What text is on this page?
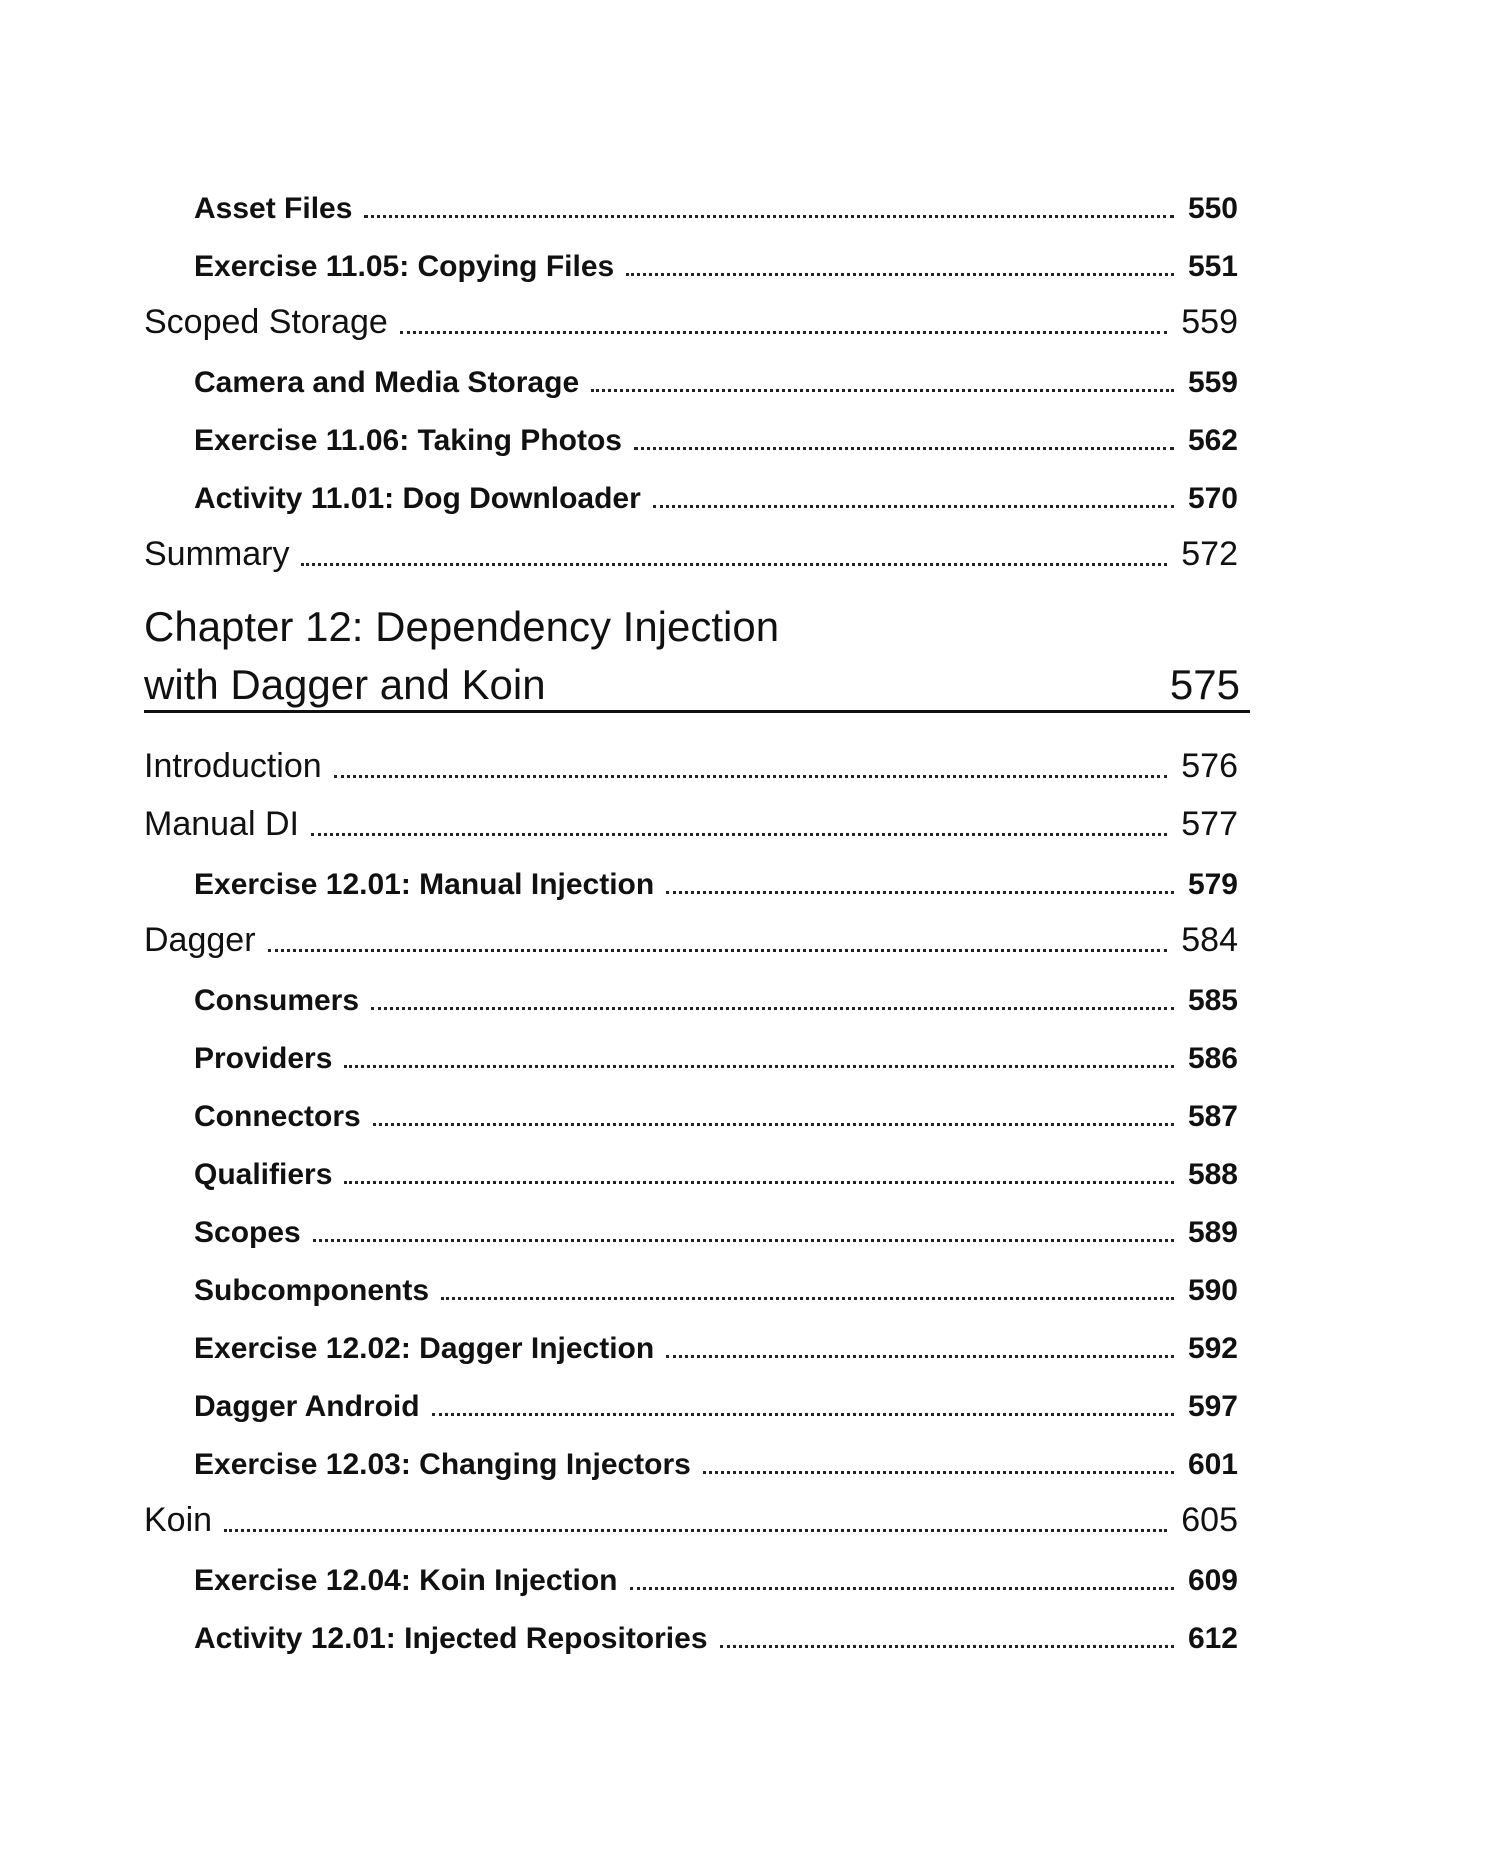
Asset Files	550
Exercise 11.05: Copying Files	551
Scoped Storage	559
Camera and Media Storage	559
Exercise 11.06: Taking Photos	562
Activity 11.01: Dog Downloader	570
Summary	572
Chapter 12: Dependency Injection
with Dagger and Koin	575
Introduction	576
Manual DI	577
Exercise 12.01: Manual Injection	579
Dagger	584
Consumers	585
Providers	586
Connectors	587
Qualifiers	588
Scopes	589
Subcomponents	590
Exercise 12.02: Dagger Injection	592
Dagger Android	597
Exercise 12.03: Changing Injectors	601
Koin	605
Exercise 12.04: Koin Injection	609
Activity 12.01: Injected Repositories	612
